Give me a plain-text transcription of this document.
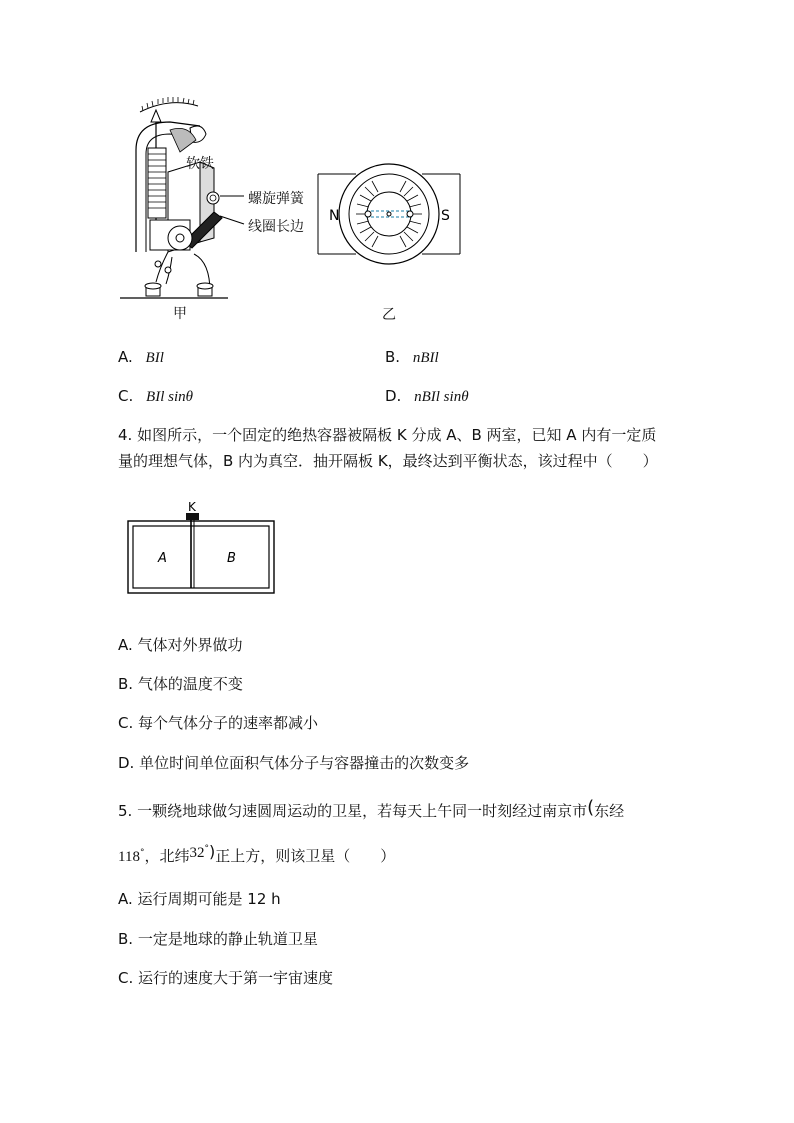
软铁
螺旋弹簧
线圈长边
甲
N	S
乙
A. BIl	B. nBIl
C. BIl sinθ	D. nBIl sinθ
4. 如图所示，一个固定的绝热容器被隔板 K 分成 A、B 两室，已知 A 内有一定质
量的理想气体，B 内为真空．抽开隔板 K，最终达到平衡状态，该过程中（　　）
K
A	B
A. 气体对外界做功
B. 气体的温度不变
C. 每个气体分子的速率都减小
D. 单位时间单位面积气体分子与容器撞击的次数变多
5. 一颗绕地球做匀速圆周运动的卫星，若每天上午同一时刻经过南京市(东经
118°，北纬32°)正上方，则该卫星（　　）
A. 运行周期可能是 12 h
B. 一定是地球的静止轨道卫星
C. 运行的速度大于第一宇宙速度
